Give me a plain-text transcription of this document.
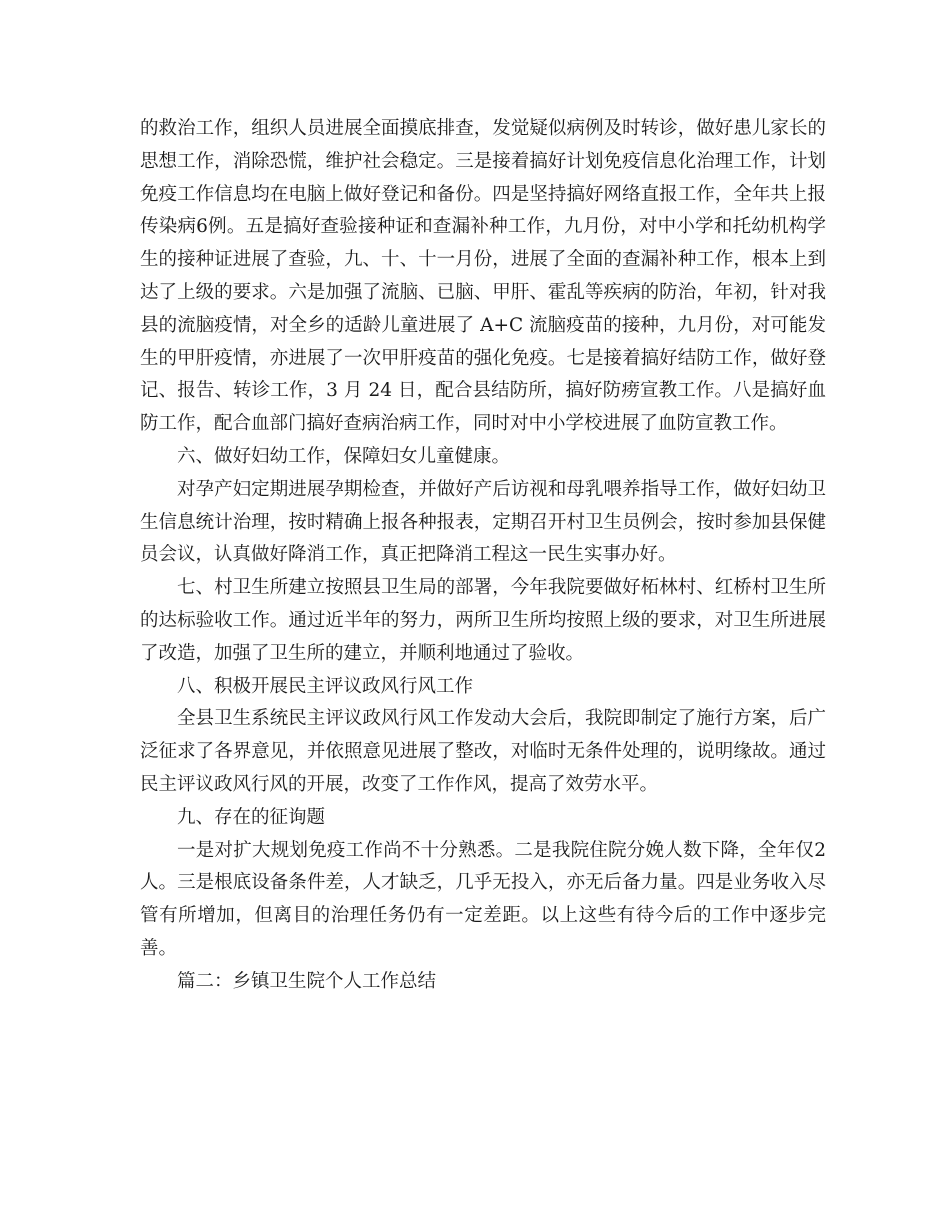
的救治工作，组织人员进展全面摸底排查，发觉疑似病例及时转诊，做好患儿家长的思想工作，消除恐慌，维护社会稳定。三是接着搞好计划免疫信息化治理工作，计划免疫工作信息均在电脑上做好登记和备份。四是坚持搞好网络直报工作，全年共上报传染病6例。五是搞好查验接种证和查漏补种工作，九月份，对中小学和托幼机构学生的接种证进展了查验，九、十、十一月份，进展了全面的查漏补种工作，根本上到达了上级的要求。六是加强了流脑、已脑、甲肝、霍乱等疾病的防治，年初，针对我县的流脑疫情，对全乡的适龄儿童进展了 A+C 流脑疫苗的接种，九月份，对可能发生的甲肝疫情，亦进展了一次甲肝疫苗的强化免疫。七是接着搞好结防工作，做好登记、报告、转诊工作，3 月 24 日，配合县结防所，搞好防痨宣教工作。八是搞好血防工作，配合血部门搞好查病治病工作，同时对中小学校进展了血防宣教工作。

六、做好妇幼工作，保障妇女儿童健康。

对孕产妇定期进展孕期检查，并做好产后访视和母乳喂养指导工作，做好妇幼卫生信息统计治理，按时精确上报各种报表，定期召开村卫生员例会，按时参加县保健员会议，认真做好降消工作，真正把降消工程这一民生实事办好。

七、村卫生所建立按照县卫生局的部署，今年我院要做好柘林村、红桥村卫生所的达标验收工作。通过近半年的努力，两所卫生所均按照上级的要求，对卫生所进展了改造，加强了卫生所的建立，并顺利地通过了验收。

八、积极开展民主评议政风行风工作

全县卫生系统民主评议政风行风工作发动大会后，我院即制定了施行方案，后广泛征求了各界意见，并依照意见进展了整改，对临时无条件处理的，说明缘故。通过民主评议政风行风的开展，改变了工作作风，提高了效劳水平。

九、存在的征询题

一是对扩大规划免疫工作尚不十分熟悉。二是我院住院分娩人数下降，全年仅2 人。三是根底设备条件差，人才缺乏，几乎无投入，亦无后备力量。四是业务收入尽管有所增加，但离目的治理任务仍有一定差距。以上这些有待今后的工作中逐步完善。

篇二：乡镇卫生院个人工作总结
